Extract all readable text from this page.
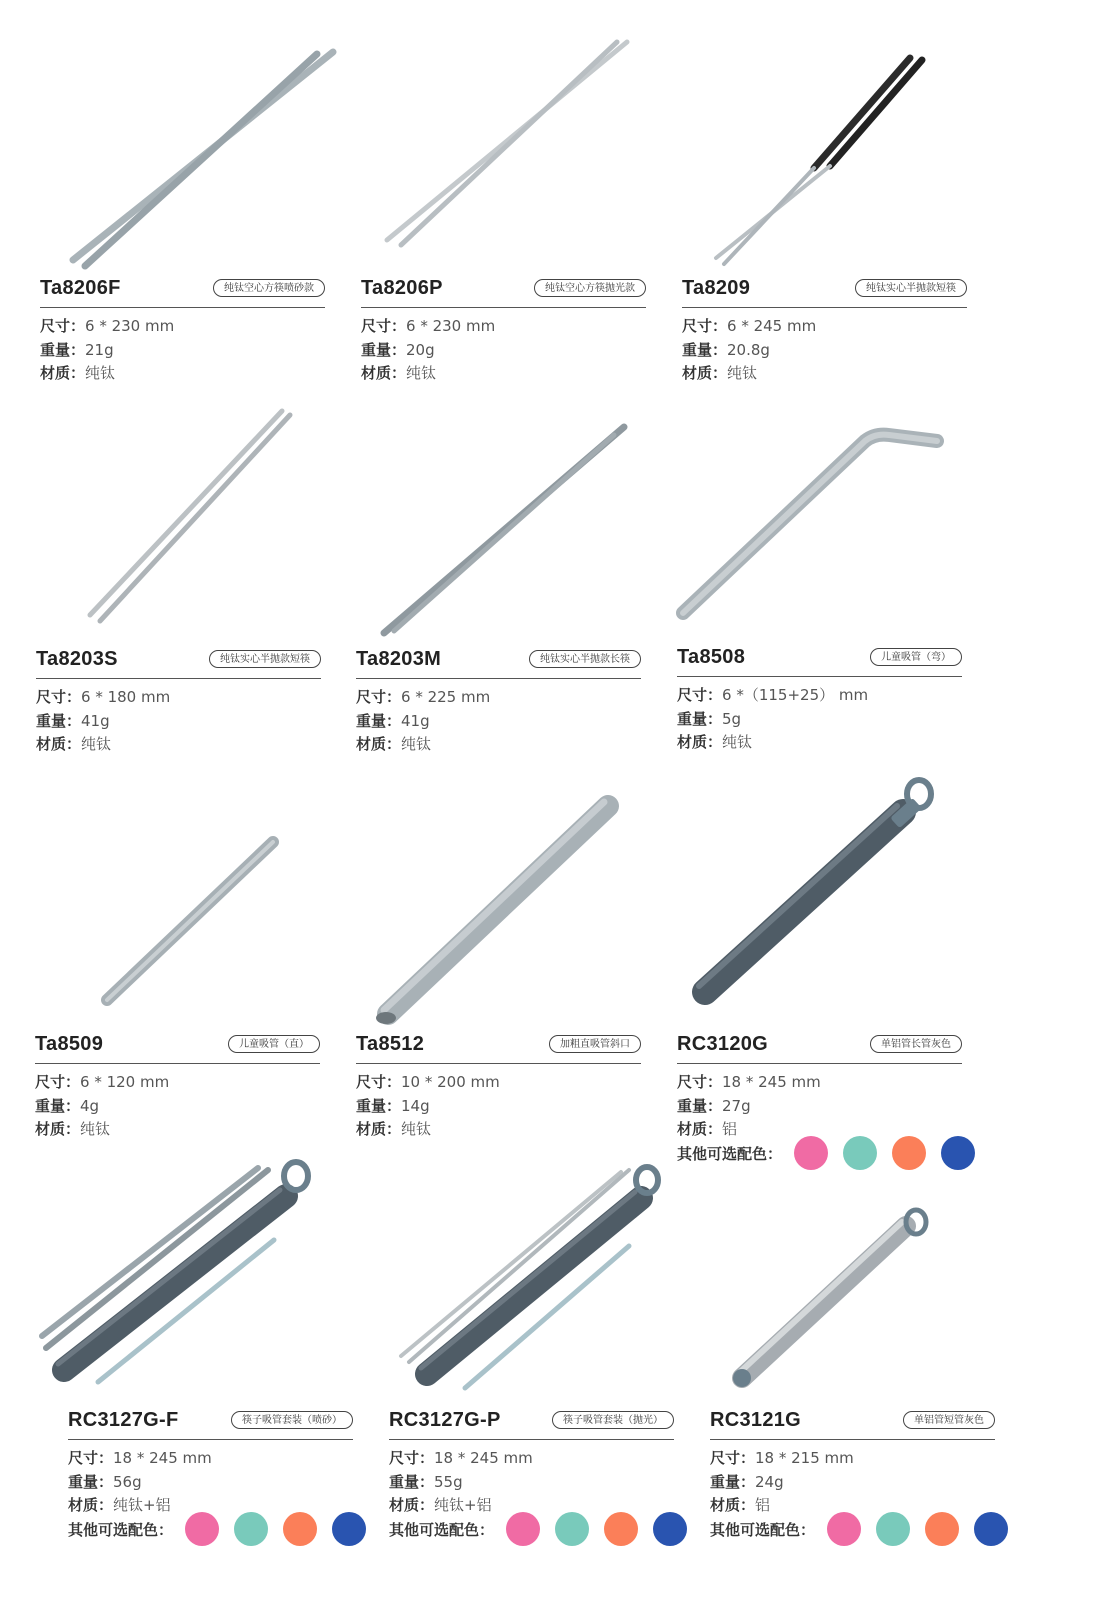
Ta8206F	纯钛空心方筷喷砂款
尺寸：6 * 230 mm
重量：21g
材质：纯钛
Ta8206P	纯钛空心方筷抛光款
尺寸：6 * 230 mm
重量：20g
材质：纯钛
Ta8209	纯钛实心半抛款短筷
尺寸：6 * 245 mm
重量：20.8g
材质：纯钛
Ta8203S	纯钛实心半抛款短筷
尺寸：6 * 180 mm
重量：41g
材质：纯钛
Ta8203M	纯钛实心半抛款长筷
尺寸：6 * 225 mm
重量：41g
材质：纯钛
Ta8508	儿童吸管（弯）
尺寸：6 *（115+25） mm
重量：5g
材质：纯钛
Ta8509	儿童吸管（直）
尺寸：6 * 120 mm
重量：4g
材质：纯钛
Ta8512	加粗直吸管斜口
尺寸：10 * 200 mm
重量：14g
材质：纯钛
RC3120G	单铝管长管灰色
尺寸：18 * 245 mm
重量：27g
材质：铝
其他可选配色：
RC3127G-F	筷子吸管套装（喷砂）
尺寸：18 * 245 mm
重量：56g
材质：纯钛+铝
其他可选配色：
RC3127G-P	筷子吸管套装（抛光）
尺寸：18 * 245 mm
重量：55g
材质：纯钛+铝
其他可选配色：
RC3121G	单铝管短管灰色
尺寸：18 * 215 mm
重量：24g
材质：铝
其他可选配色：
